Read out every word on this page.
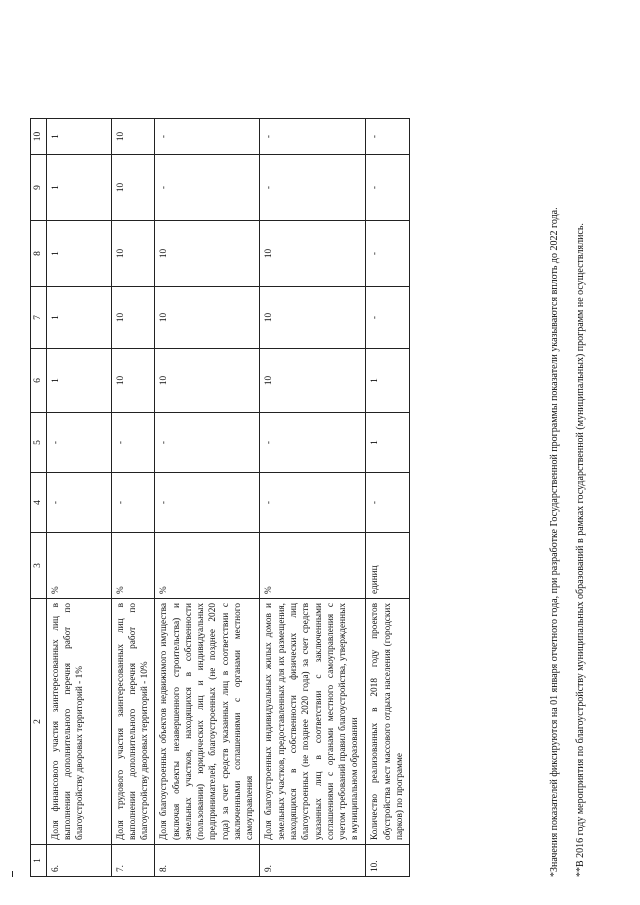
1	2	3	4	5	6	7	8	9	10
6.	Доля финансового участия заинтересованных лиц в выполнении дополнительного перечня работ по благоустройству дворовых территорий - 1%	%	-	-	1	1	1	1	1
7.	Доля трудового участия заинтересованных лиц в выполнении дополнительного перечня работ по благоустройству дворовых территорий - 10%	%	-	-	10	10	10	10	10
8.	Доля благоустроенных объектов недвижимого имущества (включая объекты незавершенного строительства) и земельных участков, находящихся в собственности (пользовании) юридических лиц и индивидуальных предпринимателей, благоустроенных (не позднее 2020 года) за счет средств указанных лиц в соответствии с заключенными соглашениями с органами местного самоуправления	%	-	-	10	10	10	-	-
9.	Доля благоустроенных индивидуальных жилых домов и земельных участков, предоставленных для их размещения, находящихся в собственности физических лиц благоустроенных (не позднее 2020 года) за счет средств указанных лиц в соответствии с заключенными соглашениями с органами местного самоуправления с учетом требований правил благоустройства, утвержденных в муниципальном образовании	%	-	-	10	10	10	-	-
10.	Количество реализованных в 2018 году проектов обустройства мест массового отдыха населения (городских парков) по программе	единиц	-	1	1	-	-	-	-
*Значения показателей фиксируются на 01 января отчетного года, при разработке Государственной программы показатели указываются вплоть до 2022 года. **В 2016 году мероприятия по благоустройству муниципальных образований в рамках государственной (муниципальных) программ не осуществлялись.
